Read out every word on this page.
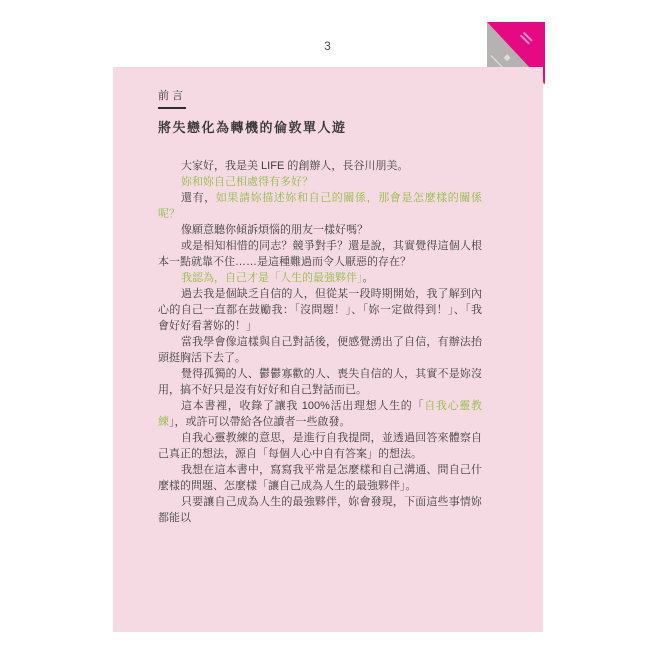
3
前言
將失戀化為轉機的倫敦單人遊

大家好，我是美 LIFE 的創辦人，長谷川朋美。

妳和妳自己相處得有多好？

還有，如果請妳描述妳和自己的關係，那會是怎麼樣的關係呢？

像願意聽你傾訴煩惱的朋友一樣好嗎？

或是相知相惜的同志？競爭對手？還是說，其實覺得這個人根本一點就靠不住……是這種難過而令人厭惡的存在？

我認為，自己才是「人生的最強夥伴」。

過去我是個缺乏自信的人，但從某一段時期開始，我了解到內心的自己一直都在鼓勵我：「沒問題！」、「妳一定做得到！」、「我會好好看著妳的！」

當我學會像這樣與自己對話後，便感覺湧出了自信，有辦法抬頭挺胸活下去了。

覺得孤獨的人、鬱鬱寡歡的人、喪失自信的人，其實不是妳沒用，搞不好只是沒有好好和自己對話而已。

這本書裡，收錄了讓我 100%活出理想人生的「自我心靈教練」，或許可以帶給各位讀者一些啟發。

自我心靈教練的意思，是進行自我提問，並透過回答來體察自己真正的想法，源自「每個人心中自有答案」的想法。

我想在這本書中，寫寫我平常是怎麼樣和自己溝通、問自己什麼樣的問題、怎麼樣「讓自己成為人生的最強夥伴」。

只要讓自己成為人生的最強夥伴，妳會發現，下面這些事情妳都能以
